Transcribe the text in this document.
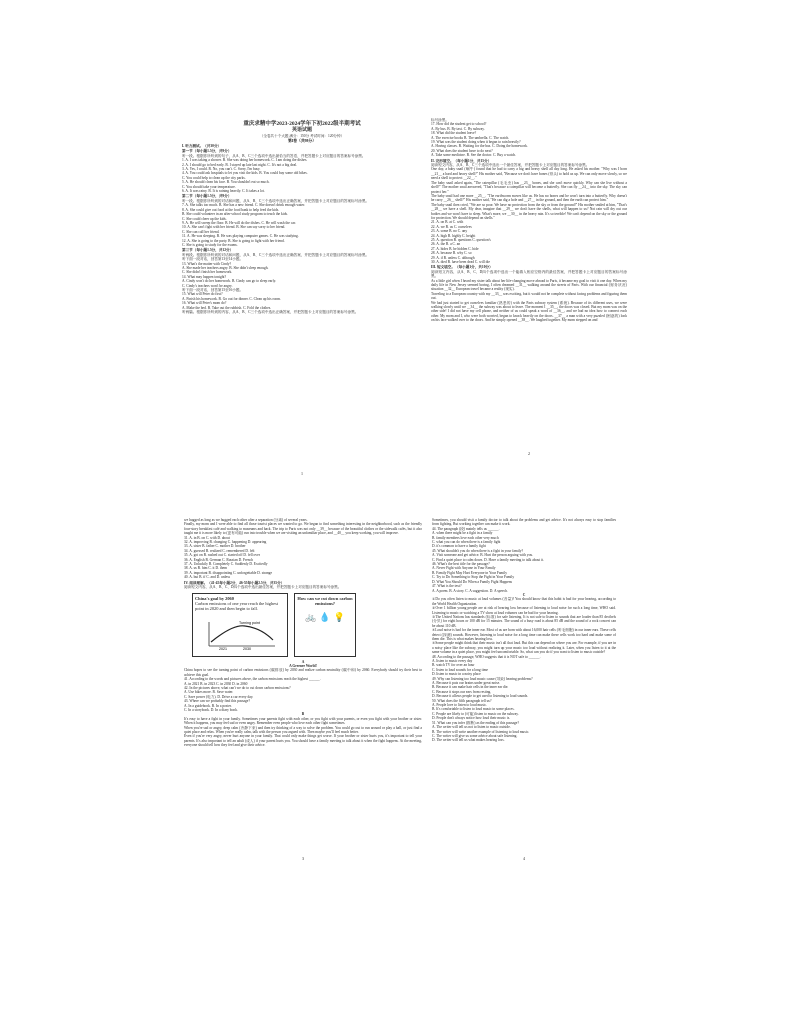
重庆求精中学2023-2024学年下初2022级半期考试
英语试题
（全卷共十个大题 满分：150分 考试时间：120分钟）
第I卷（共98分）
I. 听力测试。（共30分）
第一节（每小题1.5分，共9分）
听一段。根据你所听到的句子，从A、B、C三个选项中选出最恰当的答语，并把答题卡上对应题目的答案标号涂黑。
1. A. I was taking a shower. B. She was doing her homework. C. I am doing the dishes.
2. A. I should go to bed early. B. I stayed up late last night. C. It's not a big deal.
3. A. Yes, I could. B. No, you can't. C. Sorry, I'm busy.
4. A. You could ask hospitals to let you visit the kids. B. You could buy some old bikes.
C. You could help to clean up the city parks.
5. A. He should clean his face. B. You shouldn't eat so much.
C. You should take your temperature.
6. A. It was rainy. B. It is raining heavily. C. It takes a lot.
第二节（每小题1.5分，共9分）
听一段。根据你所听到的对话和问题，从A、B、C三个选项中选出正确答案，并把答题卡上对应题目的答案标号涂黑。
7. A. She talks too much. B. She has a new friend. C. She doesn't drink enough water.
8. A. She could give out food at the food bank to help feed the kids.
B. She could volunteer in an after-school study program to teach the kids.
C. She could cheer up the kids.
9. A. He will sweep the floor. B. He will do the dishes. C. He will wash the car.
10. A. She can't fight with her friend. B. She can say sorry to her friend.
C. She can call her friend.
11. A. He was sleeping. B. He was playing computer games. C. He was studying.
12. A. She is going to the party. B. She is going to fight with her friend.
C. She is going to study for the exams.
第三节（每小题1.5分，共12分）
听两段。根据你所听到的对话和问题，从A、B、C三个选项中选出正确答案，并把答题卡上对应题目的答案标号涂黑。
听下面一段对话，回答第13至14小题。
13. What's the matter with Cindy?
A. She made her teachers angry. B. She didn't sleep enough.
C. She didn't finish her homework.
14. What may happen tonight?
A. Cindy won't do her homework. B. Cindy can go to sleep early.
C. Cindy's teachers won't be angry.
听下面一段对话，回答第15至16小题。
15. What will Peter do first?
A. Finish his homework. B. Go out for dinner. C. Clean up his room.
16. What will Peter's mom do?
A. Make the bed. B. Take out the rubbish. C. Fold the clothes.
听两篇。根据你所听到的内容，从A、B、C三个选项中选出正确答案，并把答题卡上对应题目的答案标号涂黑。
1
标号涂黑。
17. How did the student get to school?
A. By bus. B. By taxi. C. By subway.
18. What did the student leave?
A. The exercise books B. The umbrella. C. The watch.
19. What was the student doing when it began to rain heavily?
A. Having classes. B. Waiting for the bus. C. Doing the homework.
20. What does the student have to do next?
A. Take some medicine. B. See the doctor. C. Buy a watch.
II. 完形填空。（每小题1分，共15分）
阅读短文内容，从A、B、C三个选项中选出一个最佳答案，并把答题卡上对应题目的答案标号涂黑。
One day, a baby snail (蜗牛) found that he had to carry a big and heavy shell all day long. He asked his mother. "Why was I born __21__ a hard and heavy shell?" His mother said, "Because we don't have bones (骨头) to hold us up. We can only move slowly, so we need a shell to protect __22__."
The baby snail asked again, "The caterpillar (毛毛虫) has __23__ bones, and she can't move quickly. Why can she live without a shell?" The mother snail answered, "That's because a caterpillar will become a butterfly. She can fly __24__ into the sky. The sky can protect her."
The baby snail had one more __25__. "The earthworm moves like us. He has no bones and he won't turn into a butterfly. Why doesn't he carry __26__ shell?" His mother said, "He can dig a hole and __27__ in the ground, and then the earth can protect him."
The baby snail then cried, "We are so poor. We have no protection from the sky or from the ground!" His mother smiled at him, "That's __28__ we have a shell. My dear, imagine that __29__ we don't have the shells, what will happen to us? Not rain will dry out our bodies and we won't have to sleep. What's more, we __30__ in the heavy rain. It's so terrible! We can't depend on the sky or the ground for protection. We should depend on shells."
21. A. on B. at C. with
22. A. we B. us C. ourselves
23. A. some B. no C. any
24. A. high B. highly C. height
25. A. question B. questions C. question's
26. A. the B. a C. an
27. A. hides B. be hidden C. hide
28. A. because B. why C. so
29. A. if B. unless C. although
30. A. died B. have been dead C. will die
III. 短文填空。（每小题1分，共10分）
阅读短文内容，从A、B、C、D四个选项中选出一个能填入相应空格内的最佳答案，并把答题卡上对应题目的答案标号涂黑。
As a little girl when I heard my sister talk about her life-changing move abroad to Paris, it became my goal to visit it one day. When my daily life in New Jersey seemed boring, I often dreamed __31__ walking around the streets of Paris. With our financial (财务状况) situation __32__ European travel became a reality (现实).
Traveling to a European country with my __33__ was exciting, but it would not be complete without facing problems and figuring them out.
We had just started to get ourselves familiar (熟悉的) with the Paris subway system (系统). Because of its different uses, we were walking slowly until we __34__ the subway was about to leave. The moment I __35__, the doors was closed. But my mom was on the other side! I did not have my cell phone, and neither of us could speak a word of __36__, and we had no idea how to connect each other. My mom and I, who were both worried, began to knock heavily on the doors. __37__ a man with a very puzzled (困惑的) look on his face walked over to the doors. And he simply opened __38__. We laughed together. My mom stepped on and
2
we hugged as long as we hugged each other after a separation (分离) of several years.
Finally, my mom and I were able to find all those tourist places we wanted to go. We began to find something interesting in the neighborhood, such as the friendly four-story breakfast café and walking to museums and back. The trip to Paris was not only __39__ because of the beautiful clothes or the sidewalk cafés, but it also taught me it is more likely to (更有可能) run into trouble when we are visiting an unfamiliar place, and __40__ you keep working, you will improve.
31. A. in B. on C. with D. about
32. A. improving B. changing C. happening D. appearing
33. A. sister B. father C. mother D. brother
34. A. guessed B. realized C. remembered D. felt
35. A. got on B. rushed out C. started off D. fell over
36. A. English B. German C. Russian D. French
37. A. Unluckily B. Completely C. Suddenly D. Excitedly
38. A. us B. him C. it D. them
39. A. important B. disappointing C. unforgettable D. strange
40. A. but B. if C. and D. unless
IV. 阅读理解。（41-45每小题2分，46-55每小题2.5分，共35分）
阅读短文内容，从A、B、C、D四个选项中选出最佳答案，并把答题卡上对应题目的答案标号涂黑。
China's goal by 2060
Carbon emissions of one year reach the highest point in 2020 and then begin to fall.
Turning point
2021	2030
How can we cut down carbon emissions?
🚲 💧 💡
A
A Greener World!
China hopes to see the turning point of carbon emissions (碳排放) by 2030 and realize carbon neutrality (碳中和) by 2060. Everybody should try their best to achieve this goal.
41. According to the words and pictures above, the carbon emissions reach the highest ______.
A. in 2021 B. in 2023 C. in 2030 D. in 2060
42. In the pictures above, what can't we do to cut down carbon emissions?
A. Use bikes more. B. Save water.
C. Save power (电力). D. Drive a car every day.
43. Where can we probably find this passage?
A. In a guidebook. B. In a poster.
C. In a storybook. D. In a diary book.
B
It's easy to have a fight in your family. Sometimes your parents fight with each other, or you fight with your parents, or even you fight with your brother or sister. When it happens, you may feel sad or even angry. Remember even people who love each other fight sometimes.
When you're sad or angry, deep calm (冷静下来) and then try thinking of a way to solve the problem. You could go out to run around or play a ball, or just find a quiet place and relax. When you're really calm, talk with the person you argued with. Then maybe you'll feel much better.
Even if you're very angry, never hurt anyone in your family. That could only make things get worse. If your brother or sister hurts you, it's important to tell your parents. It's also important to tell an adult (成人) if your parent hurts you. You should have a family meeting to talk about it when the fight happens. At the meeting, everyone should tell how they feel and give their advice.
3
Sometimes, you should visit a family doctor to talk about the problems and get advice. It's not always easy to stop families from fighting. But working together can make it work.
44. The paragraph (段) mainly tells us ______.
A. when there might be a fight in a family
B. family members love each other very much
C. what you can do when there is a family fight
D. it's common to have a family fight
45. What shouldn't you do when there is a fight in your family?
A. Visit someone and get advice. B. Hurt the person arguing with you.
C. Find a quiet place to calm down. D. Have a family meeting to talk about it.
46. What's the best title for the passage?
A. Never Fight with Anyone in Your Family
B. Family Fight May Hurt Everyone in Your Family
C. Try to Do Something to Stop the Fight in Your Family
D. What You Should Do When a Family Fight Happens
47. What is the text?
A. A poem. B. A story. C. A suggestion. D. A speech.
C
①Do you often listen to music at loud volumes (音量)? You should know that this habit is bad for your hearing, according to the World Health Organization.
②Over 1 billion young people are at risk of hearing loss because of listening to loud noise for such a long time, WHO said. Listening to music or watching a TV show at loud volumes can be bad for your hearing.
③The United Nations has standards (标准) for safe listening. It is not safe to listen to sounds that are louder than 85 decibels (分贝) for eight hours or 100 dB for 15 minutes. The sound of a busy road is about 85 dB and the sound of a rock concert can be about 110 dB.
④Loud noise is bad for the inner ear. Most of us are born with about 16,000 hair cells (听毛细胞) in our inner ears. These cells detect (探测) sounds. However, listening to loud noise for a long time can make these cells work too hard and make some of them die. This is what makes hearing loss.
⑤Some people might think that their music isn't all that loud. But this can depend on where you are. For example, if you are in a noisy place like the subway, you might turn up your music too loud without realizing it. Later, when you listen to it at the same volume in a quiet place, you might feel uncomfortable. So, what can you do if you want to listen to music outside?
48. According to the passage, WHO suggests that it is NOT safe to ______.
A. listen to music every day
B. watch TV for over an hour
C. listen to loud sounds for a long time
D. listen to music in a noisy place
49. Why can listening too loud music cause (导致) hearing problems?
A. Because it puts our brains under great noise.
B. Because it can make hair cells in the inner ear die.
C. Because it stops our ears from resting.
D. Because it allows people to get used to listening to loud sounds.
50. What does the fifth paragraph tell us?
A. People love to listen to loud music.
B. It's comfortable to listen to loud music in some places.
C. People are likely to (可能) listen to music on the subway.
D. People don't always notice how loud their music is.
51. What can you infer (推断) as the ending of this passage?
A. The writer will tell us not to listen to music outside.
B. The writer will write another example of listening to loud music.
C. The writer will give us some advice about safe listening.
D. The writer will tell us what makes hearing loss.
4
